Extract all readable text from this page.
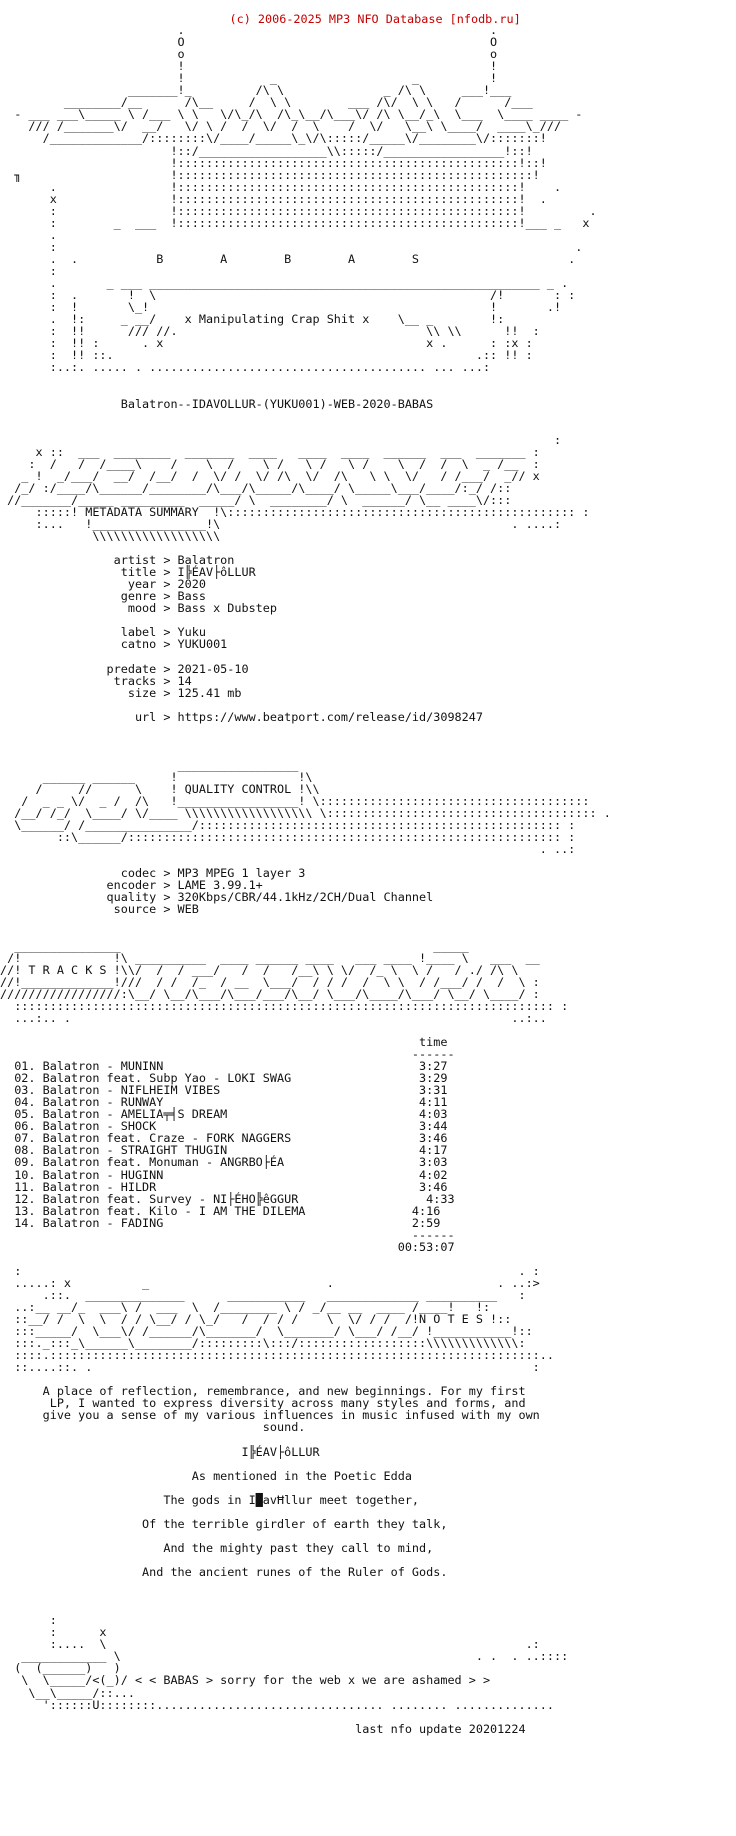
(c) 2006-2025 MP3 NFO Database [nfodb.ru]

.                                           .
O                                           O
o                                           o
!                                           !
!            _                   _          !
_______!_         /\ \              _ /\ \     ___!___
________/__      /\__     /  \ \        ___ /\/  \ \   /      /___
- ___ ___\_____ \ /___ \ \   \/\_/\  /\_\__/\___\/ /\ \__/_\  \___  \____ ____ -
/// /_______\/  __/   \/ \ /  /  \/  /  \    /  \/   \__\ \____/  ____\_///
/_____________/::::::::\/____/_____\_\/\:::::/_____\/________\/:::::::!
!::/__________________\\:::::/_________________!::!
!::::::::::::::::::::::::::::::::::::::::::::::::!::!
╖                     !::::::::::::::::::::::::::::::::::::::::::::::::::!
.                !::::::::::::::::::::::::::::::::::::::::::::::::!    .
x                !::::::::::::::::::::::::::::::::::::::::::::::::!  .
:                !::::::::::::::::::::::::::::::::::::::::::::::::!         .
:        _  ___  !::::::::::::::::::::::::::::::::::::::::::::::::!___ _   x
.
:                                                                         .
.  .           B        A        B        A        S                     .
:
.       _ ___ _______________________________________________________ _ .
:  .       !  \                                               /!       : :
:  !       \_!                                                !       .!
.  !:     _ __/    x Manipulating Crap Shit x    \__ _        !:
:  !!      /// //.                                   \\ \\      !!  :
:  !! :      . x                                     x .      : :x :
:  !! ::.                                                   .:: !! :
:..:. ..... . ....................................... ... ...:

Balatron--IDAVOLLUR-(YUKU001)-WEB-2020-BABAS

:
x ::  ___  ________  _______  ____   ____  ____  ______  ___  _______ :
:  /   /  /____\    /    \  /    \ /   \ /   \ /    \  /  /  \  _ /__  :
_ !  _/___/  __/  /__/  /  \/ /  \/ /\  \/  /\   \ \  \/   / /___/  _// x
/_/ :/____/\______/________/\___/\_____/\____/ \_____\___/____/:_/ /::
//_______/_____ _________  _____/ \  ________/ \  ______/ \__ ____\/:::
:::::! METADATA SUMMARY  !\::::::::::::::::::::::::::::::::::::::::::::::::: :
:...   !________________!\                                         . ....:
\\\\\\\\\\\\\\\\\\

artist > Balatron
title > I╠ÉAV├ôLLUR
year > 2020
genre > Bass
mood > Bass x Dubstep

label > Yuku
catno > YUKU001

predate > 2021-05-10
tracks > 14
size > 125.41 mb

url > https://www.beatport.com/release/id/3098247

_________________
______ ______     !                 !\
/     //      \    ! QUALITY CONTROL !\\
/  _ _ \/  _ /  /\   !_________________! \::::::::::::::::::::::::::::::::::::::
/__/ /_/  \____/ \/____ \\\\\\\\\\\\\\\\\\ \:::::::::::::::::::::::::::::::::::::: .
\______/ /_______________/::::::::::::::::::::::::::::::::::::::::::::::::::: :
::\______/::::::::::::::::::::::::::::::::::::::::::::::::::::::::::::: :
. ..:

codec > MP3 MPEG 1 layer 3
encoder > LAME 3.99.1+
quality > 320Kbps/CBR/44.1kHz/2CH/Dual Channel
source > WEB

_______________                                            _____
/!             !\ __________  ____ ______ ____   ___ ____ !____ \   ___  __
//! T R A C K S !\\/  /  / ___/   /  /   /__\ \ \/  /_ \  \ /   / ./ /\ \
//!_____________!///  / /  /_  / __  \___/  / / /  /  \ \  / /___/ /  /  \ :
/////////////////:\__/ \__/\___/\___/___/\__/ \___/\____/\___/ \__/ \____/ :
:::::::::::::::::::::::::::::::::::::::::::::::::::::::::::::::::::::::::::: :
...:.. .                                                              ..:..

time
------
01. Balatron - MUNINN                                    3:27
02. Balatron feat. Subp Yao - LOKI SWAG                  3:29
03. Balatron - NIFLHEIM VIBES                            3:31
04. Balatron - RUNWAY                                    4:11
05. Balatron - AMELIA╤╡S DREAM                           4:03
06. Balatron - SHOCK                                     3:44
07. Balatron feat. Craze - FORK NAGGERS                  3:46
08. Balatron - STRAIGHT THUGIN                           4:17
09. Balatron feat. Monuman - ANGRBO├ÉA                   3:03
10. Balatron - HUGINN                                    4:02
11. Balatron - HILDR                                     3:46
12. Balatron feat. Survey - NI├ÉHO╠êGGUR                  4:33
13. Balatron feat. Kilo - I AM THE DILEMA               4:16
14. Balatron - FADING                                   2:59
------
00:53:07

:                                                                      . :
.....: x          _                         .                       . ..:>
.::.  ______________      ___________   _____________ __________   :
..:__ __/_  ___\ /  ___  \  /________ \ / _/__ __  ____ /____!   !:
::__/ /  \  \  / / \__/ / \_/   /  / / /    \  \/ / /  /!N O T E S !::
:::_____/  \___\/ /______/\_______/  \_______/ \___/ /__/ !___________!::
:::._:::_\______\________/:::::::::\:::/::::::::::::::::::\\\\\\\\\\\\\:
::::.:::::::::::::::::::::::::::::::::::::::::::::::::::::::::::::::::::::..
::....::. .                                                              :

A place of reflection, remembrance, and new beginnings. For my first
LP, I wanted to express diversity across many styles and forms, and
give you a sense of my various influences in music infused with my own
sound.

I╠ÉAV├ôLLUR

As mentioned in the Poetic Edda

The gods in I█avĦllur meet together,

Of the terrible girdler of earth they talk,

And the mighty past they call to mind,

And the ancient runes of the Ruler of Gods.

:
:      x
:....  \                                                           .:
____________ \                                                  . .  . ..::::
(  (______)   )
\  \_____/<(_)/ < < BABAS > sorry for the web x we are ashamed > >
\__\_____/::...
'::::::U::::::::................................ ........ ..............

last nfo update 20201224
